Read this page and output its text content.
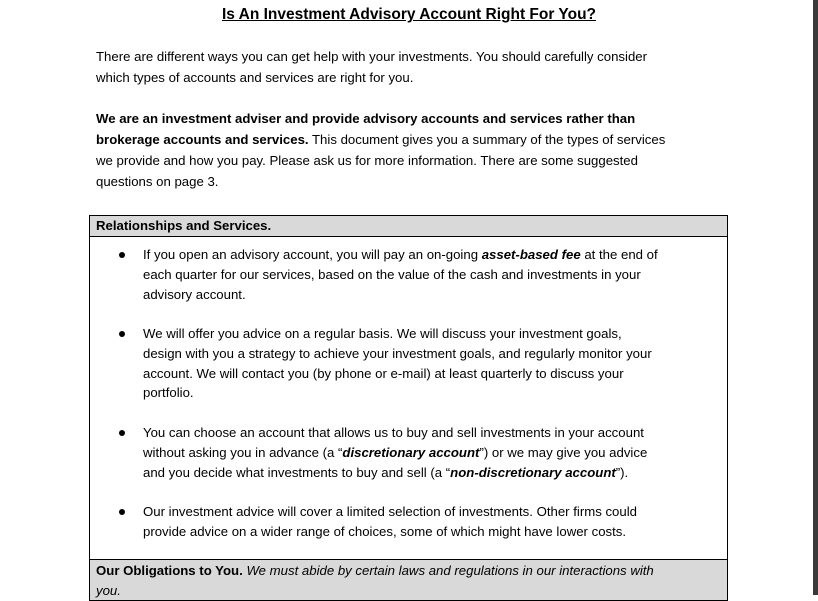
Is An Investment Advisory Account Right For You?
There are different ways you can get help with your investments. You should carefully consider
which types of accounts and services are right for you.
We are an investment adviser and provide advisory accounts and services rather than
brokerage accounts and services. This document gives you a summary of the types of services
we provide and how you pay. Please ask us for more information. There are some suggested
questions on page 3.
Relationships and Services.
If you open an advisory account, you will pay an on-going asset-based fee at the end of
each quarter for our services, based on the value of the cash and investments in your
advisory account.
We will offer you advice on a regular basis. We will discuss your investment goals,
design with you a strategy to achieve your investment goals, and regularly monitor your
account. We will contact you (by phone or e-mail) at least quarterly to discuss your
portfolio.
You can choose an account that allows us to buy and sell investments in your account
without asking you in advance (a “discretionary account”) or we may give you advice
and you decide what investments to buy and sell (a “non-discretionary account”).
Our investment advice will cover a limited selection of investments. Other firms could
provide advice on a wider range of choices, some of which might have lower costs.
Our Obligations to You. We must abide by certain laws and regulations in our interactions with
you.
